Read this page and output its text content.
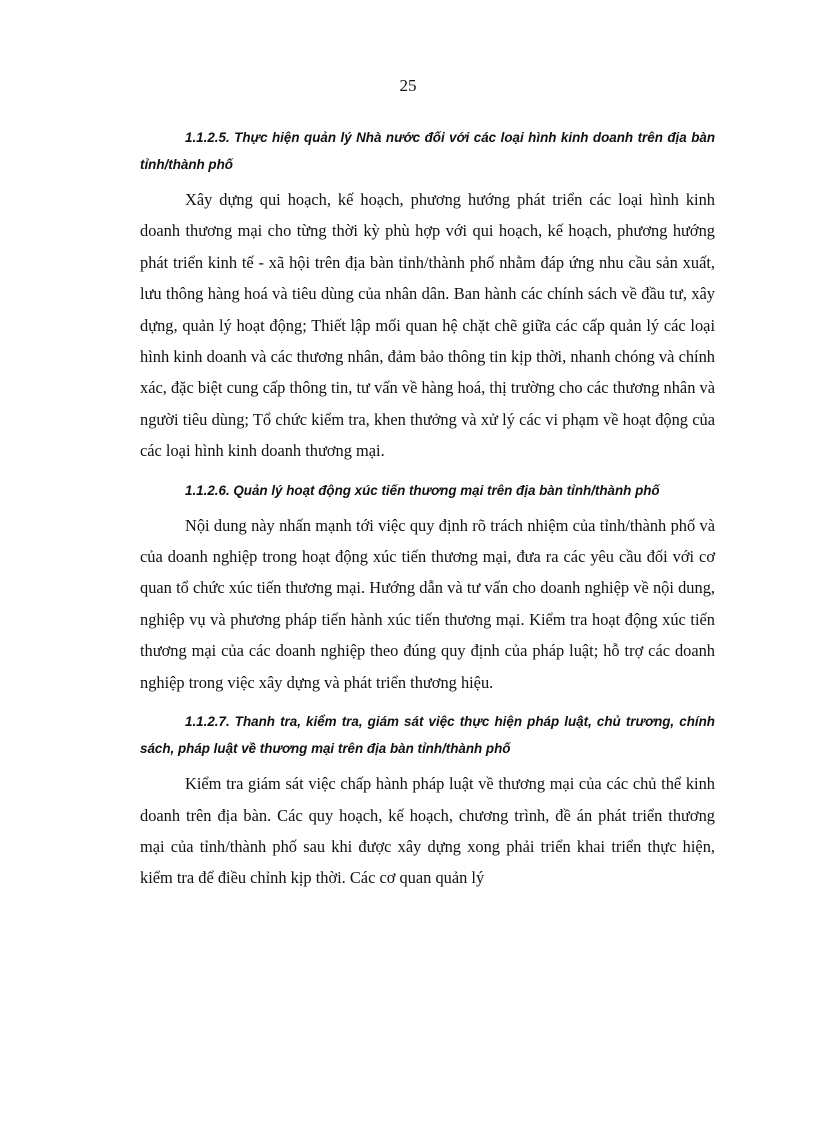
25

1.1.2.5. Thực hiện quản lý Nhà nước đối với các loại hình kinh doanh trên địa bàn tỉnh/thành phố

Xây dựng qui hoạch, kế hoạch, phương hướng phát triển các loại hình kinh doanh thương mại cho từng thời kỳ phù hợp với qui hoạch, kế hoạch, phương hướng phát triển kinh tế - xã hội trên địa bàn tỉnh/thành phố nhằm đáp ứng nhu cầu sản xuất, lưu thông hàng hoá và tiêu dùng của nhân dân. Ban hành các chính sách về đầu tư, xây dựng, quản lý hoạt động; Thiết lập mối quan hệ chặt chẽ giữa các cấp quản lý các loại hình kinh doanh và các thương nhân, đảm bảo thông tin kịp thời, nhanh chóng và chính xác, đặc biệt cung cấp thông tin, tư vấn về hàng hoá, thị trường cho các thương nhân và người tiêu dùng; Tổ chức kiểm tra, khen thưởng và xử lý các vi phạm về hoạt động của các loại hình kinh doanh thương mại.

1.1.2.6. Quản lý hoạt động xúc tiến thương mại trên địa bàn tỉnh/thành phố

Nội dung này nhấn mạnh tới việc quy định rõ trách nhiệm của tỉnh/thành phố và của doanh nghiệp trong hoạt động xúc tiến thương mại, đưa ra các yêu cầu đối với cơ quan tổ chức xúc tiến thương mại. Hướng dẫn và tư vấn cho doanh nghiệp về nội dung, nghiệp vụ và phương pháp tiến hành xúc tiến thương mại. Kiểm tra hoạt động xúc tiến thương mại của các doanh nghiệp theo đúng quy định của pháp luật; hỗ trợ các doanh nghiệp trong việc xây dựng và phát triển thương hiệu.

1.1.2.7. Thanh tra, kiểm tra, giám sát việc thực hiện pháp luật, chủ trương, chính sách, pháp luật về thương mại trên địa bàn tỉnh/thành phố

Kiểm tra giám sát việc chấp hành pháp luật về thương mại của các chủ thể kinh doanh trên địa bàn. Các quy hoạch, kế hoạch, chương trình, đề án phát triển thương mại của tỉnh/thành phố sau khi được xây dựng xong phải triển khai triển thực hiện, kiểm tra để điều chỉnh kịp thời. Các cơ quan quản lý
